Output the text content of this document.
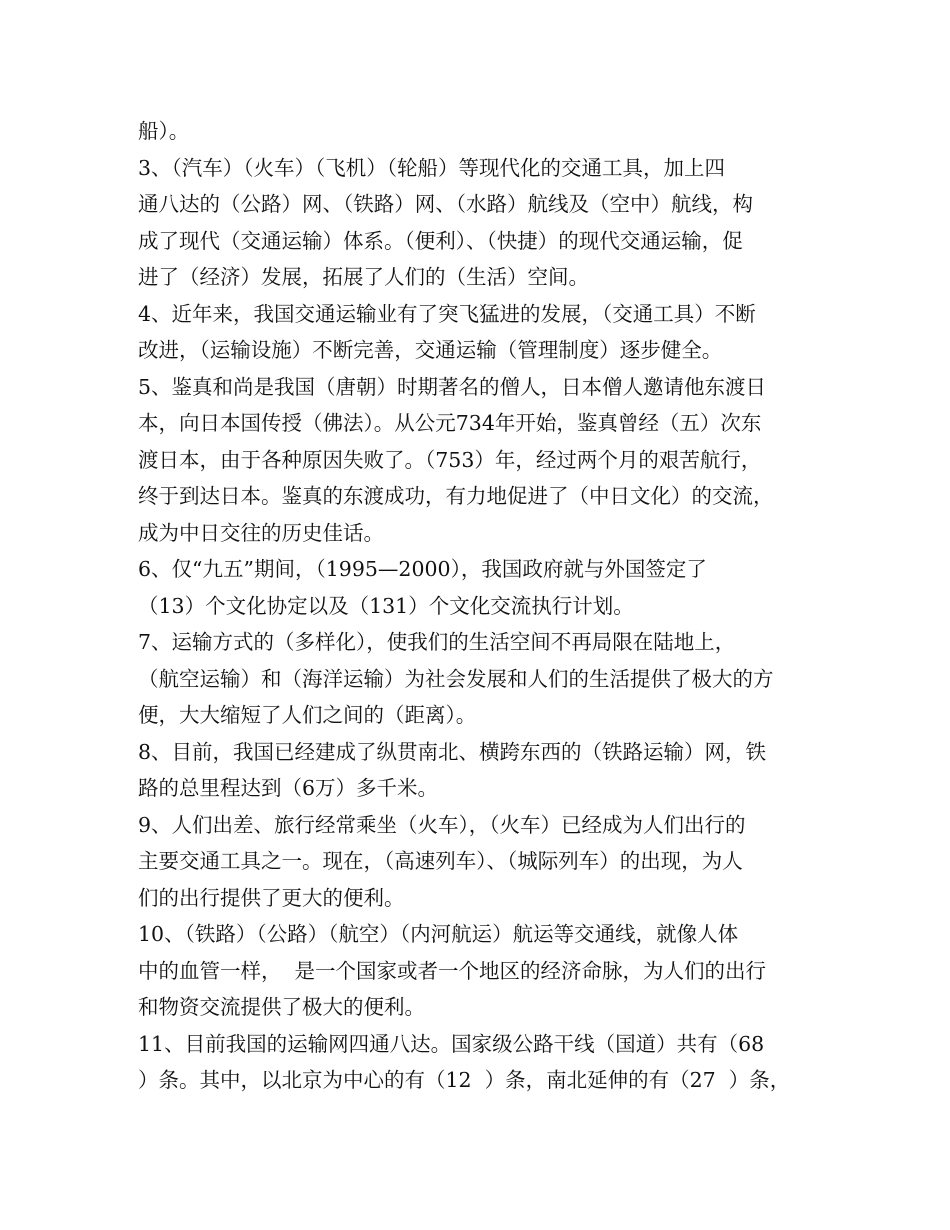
船）。
3、（汽车）（火车）（飞机）（轮船）等现代化的交通工具，加上四
通八达的（公路）网、（铁路）网、（水路）航线及（空中）航线，构
成了现代（交通运输）体系。（便利）、（快捷）的现代交通运输，促
进了（经济）发展，拓展了人们的（生活）空间。
4、近年来，我国交通运输业有了突飞猛进的发展，（交通工具）不断
改进，（运输设施）不断完善，交通运输（管理制度）逐步健全。
5、鉴真和尚是我国（唐朝）时期著名的僧人，日本僧人邀请他东渡日
本，向日本国传授（佛法）。从公元734年开始，鉴真曾经（五）次东
渡日本，由于各种原因失败了。（753）年，经过两个月的艰苦航行，
终于到达日本。鉴真的东渡成功，有力地促进了（中日文化）的交流，
成为中日交往的历史佳话。
6、仅“九五”期间，（1995—2000），我国政府就与外国签定了
（13）个文化协定以及（131）个文化交流执行计划。
7、运输方式的（多样化），使我们的生活空间不再局限在陆地上，
（航空运输）和（海洋运输）为社会发展和人们的生活提供了极大的方
便，大大缩短了人们之间的（距离）。
8、目前，我国已经建成了纵贯南北、横跨东西的（铁路运输）网，铁
路的总里程达到（6万）多千米。
9、人们出差、旅行经常乘坐（火车），（火车）已经成为人们出行的
主要交通工具之一。现在，（高速列车）、（城际列车）的出现，为人
们的出行提供了更大的便利。
10、（铁路）（公路）（航空）（内河航运）航运等交通线，就像人体
中的血管一样，  是一个国家或者一个地区的经济命脉，为人们的出行
和物资交流提供了极大的便利。
11、目前我国的运输网四通八达。国家级公路干线（国道）共有（68
）条。其中，以北京为中心的有（12  ）条，南北延伸的有（27  ）条，
